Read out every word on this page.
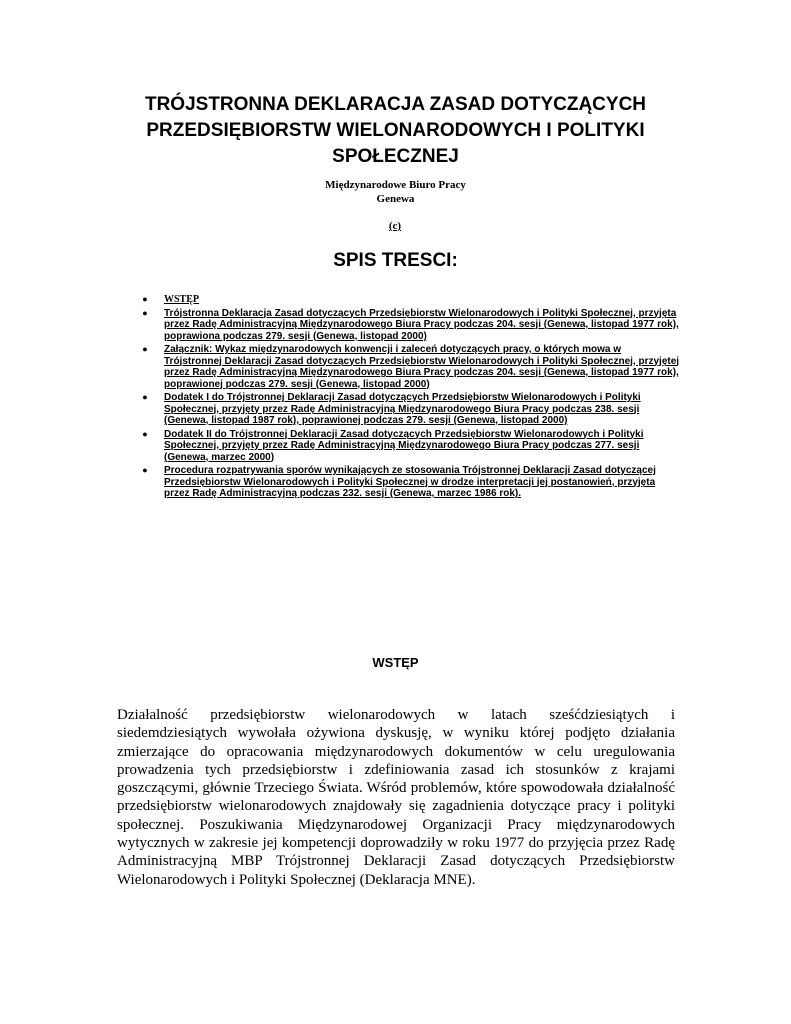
TRÓJSTRONNA DEKLARACJA ZASAD DOTYCZĄCYCH
PRZEDSIĘBIORSTW WIELONARODOWYCH I POLITYKI
SPOŁECZNEJ
Międzynarodowe Biuro Pracy
Genewa
(c)
SPIS TRESCI:
● WSTĘP
● Trójstronna Deklaracja Zasad dotyczących Przedsiębiorstw Wielonarodowych i Polityki Społecznej, przyjęta przez Radę Administracyjną Międzynarodowego Biura Pracy podczas 204. sesji (Genewa, listopad 1977 rok), poprawiona podczas 279. sesji (Genewa, listopad 2000)
● Załącznik: Wykaz międzynarodowych konwencji i zaleceń dotyczących pracy, o których mowa w Trójstronnej Deklaracji Zasad dotyczących Przedsiębiorstw Wielonarodowych i Polityki Społecznej, przyjętej przez Radę Administracyjną Międzynarodowego Biura Pracy podczas 204. sesji (Genewa, listopad 1977 rok), poprawionej podczas 279. sesji (Genewa, listopad 2000)
● Dodatek I do Trójstronnej Deklaracji Zasad dotyczących Przedsiębiorstw Wielonarodowych i Polityki Społecznej, przyjęty przez Radę Administracyjną Międzynarodowego Biura Pracy podczas 238. sesji (Genewa, listopad 1987 rok), poprawionej podczas 279. sesji (Genewa, listopad 2000)
● Dodatek II do Trójstronnej Deklaracji Zasad dotyczących Przedsiębiorstw Wielonarodowych i Polityki Społecznej, przyjęty przez Radę Administracyjną Międzynarodowego Biura Pracy podczas 277. sesji (Genewa, marzec 2000)
● Procedura rozpatrywania sporów wynikających ze stosowania Trójstronnej Deklaracji Zasad dotyczącej Przedsiębiorstw Wielonarodowych i Polityki Społecznej w drodze interpretacji jej postanowień, przyjęta przez Radę Administracyjną podczas 232. sesji (Genewa, marzec 1986 rok).
WSTĘP

Działalność przedsiębiorstw wielonarodowych w latach sześćdziesiątych i siedemdziesiątych wywołała ożywiona dyskusję, w wyniku której podjęto działania zmierzające do opracowania międzynarodowych dokumentów w celu uregulowania prowadzenia tych przedsiębiorstw i zdefiniowania zasad ich stosunków z krajami goszczącymi, głównie Trzeciego Świata. Wśród problemów, które spowodowała działalność przedsiębiorstw wielonarodowych znajdowały się zagadnienia dotyczące pracy i polityki społecznej. Poszukiwania Międzynarodowej Organizacji Pracy międzynarodowych wytycznych w zakresie jej kompetencji doprowadziły w roku 1977 do przyjęcia przez Radę Administracyjną MBP Trójstronnej Deklaracji Zasad dotyczących Przedsiębiorstw Wielonarodowych i Polityki Społecznej (Deklaracja MNE).
